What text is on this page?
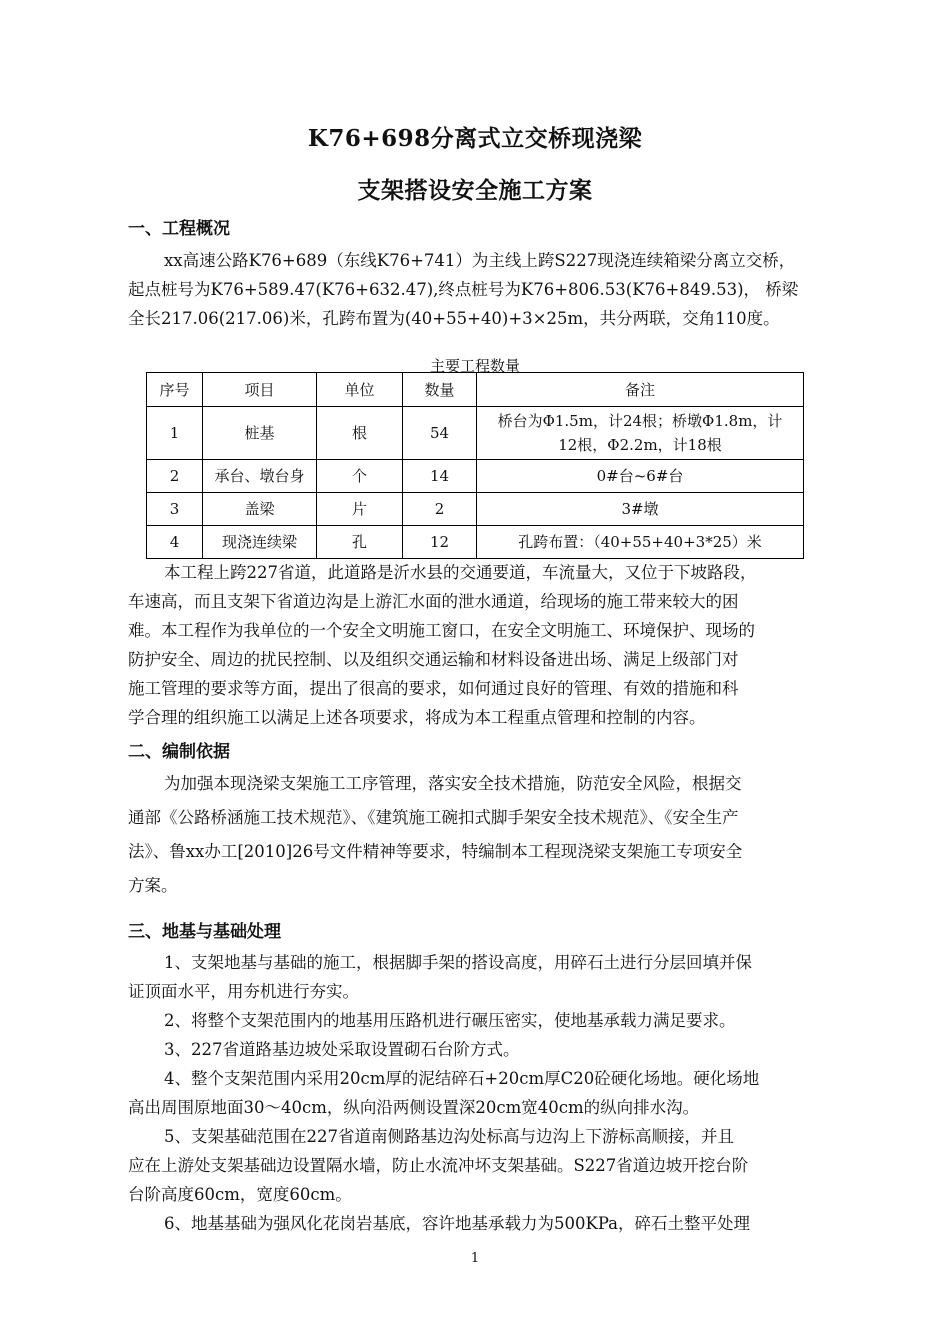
K76+698分离式立交桥现浇梁
支架搭设安全施工方案
一、工程概况
xx高速公路K76+689（东线K76+741）为主线上跨S227现浇连续箱梁分离立交桥，
起点桩号为K76+589.47(K76+632.47),终点桩号为K76+806.53(K76+849.53)， 桥梁
全长217.06(217.06)米，孔跨布置为(40+55+40)+3×25m，共分两联，交角110度。
主要工程数量
序号	项目	单位	数量	备注
1	桩基	根	54	桥台为Φ1.5m，计24根；桥墩Φ1.8m，计
12根，Φ2.2m，计18根

2	承台、墩台身	个	14	0#台~6#台
3	盖梁	片	2	3#墩
4	现浇连续梁	孔	12	孔跨布置：（40+55+40+3*25）米
本工程上跨227省道，此道路是沂水县的交通要道，车流量大，又位于下坡路段，
车速高，而且支架下省道边沟是上游汇水面的泄水通道，给现场的施工带来较大的困
难。本工程作为我单位的一个安全文明施工窗口，在安全文明施工、环境保护、现场的
防护安全、周边的扰民控制、以及组织交通运输和材料设备进出场、满足上级部门对
施工管理的要求等方面，提出了很高的要求，如何通过良好的管理、有效的措施和科
学合理的组织施工以满足上述各项要求，将成为本工程重点管理和控制的内容。
二、编制依据
为加强本现浇梁支架施工工序管理，落实安全技术措施，防范安全风险，根据交
通部《公路桥涵施工技术规范》、《建筑施工碗扣式脚手架安全技术规范》、《安全生产
法》、鲁xx办工[2010]26号文件精神等要求，特编制本工程现浇梁支架施工专项安全
方案。
三、地基与基础处理
1、支架地基与基础的施工，根据脚手架的搭设高度，用碎石土进行分层回填并保
证顶面水平，用夯机进行夯实。
2、将整个支架范围内的地基用压路机进行碾压密实，使地基承载力满足要求。
3、227省道路基边坡处采取设置砌石台阶方式。
4、整个支架范围内采用20cm厚的泥结碎石+20cm厚C20砼硬化场地。硬化场地
高出周围原地面30～40cm，纵向沿两侧设置深20cm宽40cm的纵向排水沟。
5、支架基础范围在227省道南侧路基边沟处标高与边沟上下游标高顺接，并且
应在上游处支架基础边设置隔水墙，防止水流冲坏支架基础。S227省道边坡开挖台阶
台阶高度60cm，宽度60cm。
6、地基基础为强风化花岗岩基底，容许地基承载力为500KPa，碎石土整平处理
1
